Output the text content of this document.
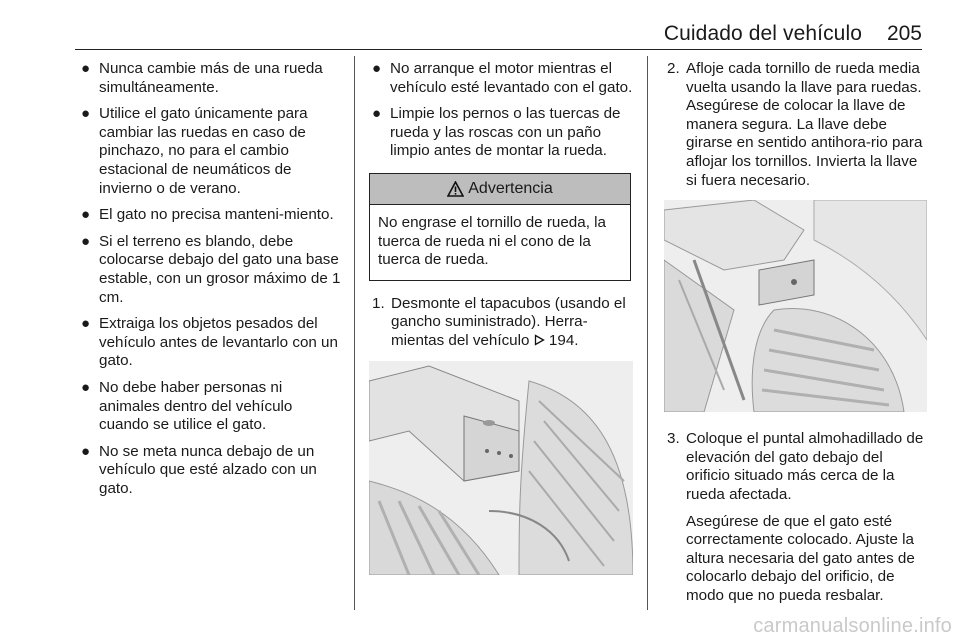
Cuidado del vehículo 205
● Nunca cambie más de una rueda simultáneamente.
● Utilice el gato únicamente para cambiar las ruedas en caso de pinchazo, no para el cambio estacional de neumáticos de invierno o de verano.
● El gato no precisa manteni-miento.
● Si el terreno es blando, debe colocarse debajo del gato una base estable, con un grosor máximo de 1 cm.
● Extraiga los objetos pesados del vehículo antes de levantarlo con un gato.
● No debe haber personas ni animales dentro del vehículo cuando se utilice el gato.
● No se meta nunca debajo de un vehículo que esté alzado con un gato.
● No arranque el motor mientras el vehículo esté levantado con el gato.
● Limpie los pernos o las tuercas de rueda y las roscas con un paño limpio antes de montar la rueda.
Advertencia
No engrase el tornillo de rueda, la tuerca de rueda ni el cono de la tuerca de rueda.
1. Desmonte el tapacubos (usando el gancho suministrado). Herra-mientas del vehículo 194.
2. Afloje cada tornillo de rueda media vuelta usando la llave para ruedas. Asegúrese de colocar la llave de manera segura. La llave debe girarse en sentido antihora-rio para aflojar los tornillos. Invierta la llave si fuera necesario.
3. Coloque el puntal almohadillado de elevación del gato debajo del orificio situado más cerca de la rueda afectada.
Asegúrese de que el gato esté correctamente colocado. Ajuste la altura necesaria del gato antes de colocarlo debajo del orificio, de modo que no pueda resbalar.
carmanualsonline.info
